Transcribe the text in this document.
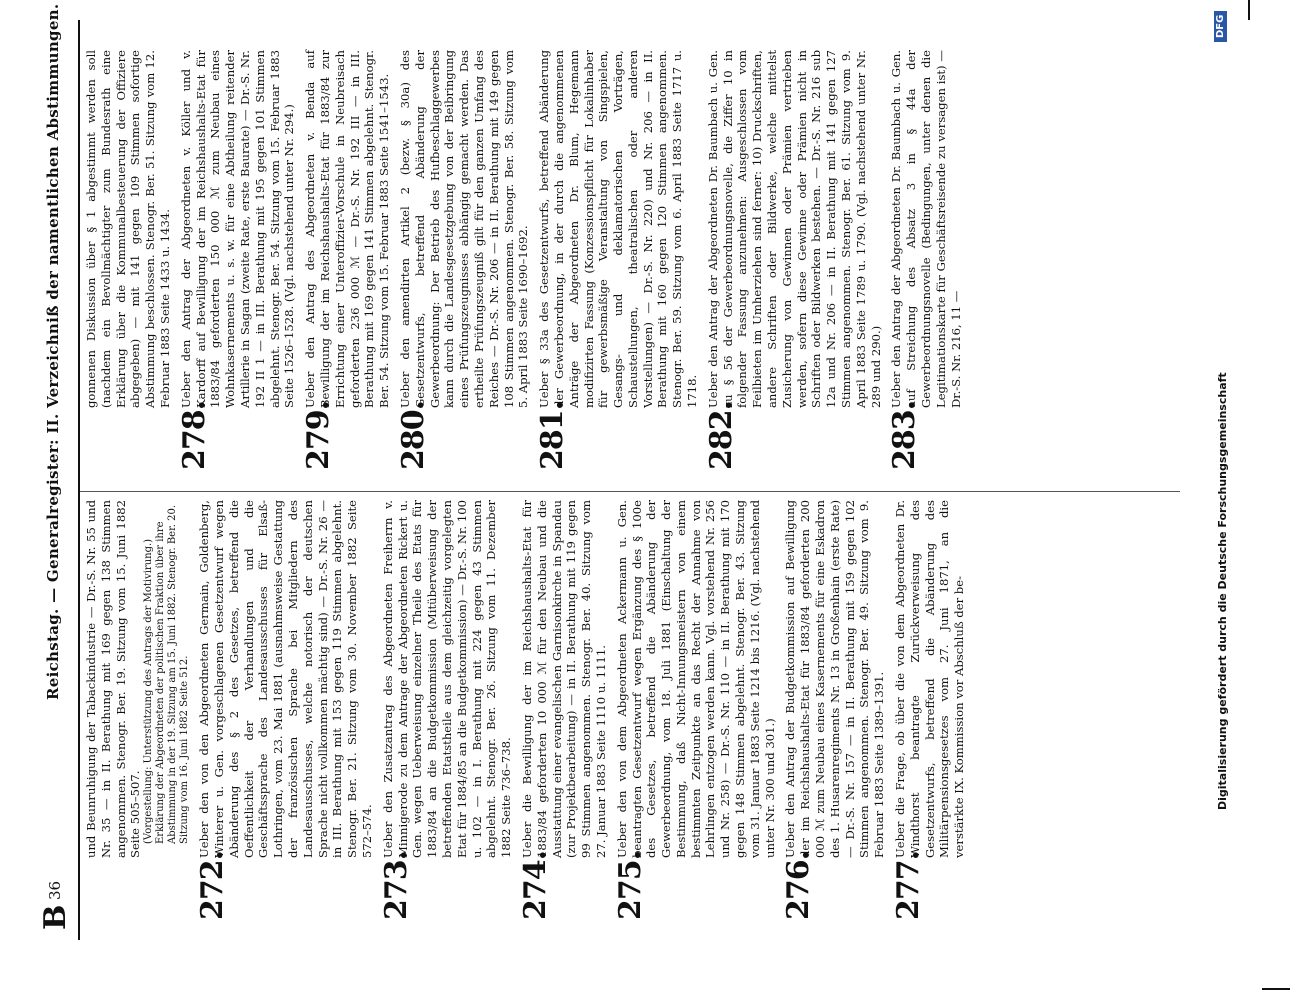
B
36
Reichstag. — Generalregister: II. Verzeichniß der namentlichen Abstimmungen. und Beunruhigung der Tabackindustrie — Dr.-S. Nr. 55 und Nr. 35 — in II. Berathung mit 169 gegen 138 Stimmen angenommen. Stenogr. Ber. 19. Sitzung vom 15. Juni 1882 Seite 505–507. (Vorgestellung: Unterstützung des Antrags der Motivirung.) Erklärung der Abgeordneten der politischen Fraktion über ihre Abstimmung in der 19. Sitzung am 15. Juni 1882. Stenogr. Ber. 20. Sitzung vom 16. Juni 1882 Seite 512.
272.
Ueber den von den Abgeordneten Germain, Goldenberg, Winterer u. Gen. vorgeschlagenen Gesetzentwurf wegen Abänderung des § 2 des Gesetzes, betreffend die Oeffentlichkeit der Verhandlungen und die Geschäftssprache des Landesausschusses für Elsaß-Lothringen, vom 23. Mai 1881 (ausnahmsweise Gestattung der französischen Sprache bei Mitgliedern des Landesausschusses, welche notorisch der deutschen Sprache nicht vollkommen mächtig sind) — Dr.-S. Nr. 26 — in III. Berathung mit 153 gegen 119 Stimmen abgelehnt. Stenogr. Ber. 21. Sitzung vom 30. November 1882 Seite 572–574.
273.
Ueber den Zusatzantrag des Abgeordneten Freiherrn v. Minnigerode zu dem Antrage der Abgeordneten Rickert u. Gen. wegen Ueberweisung einzelner Theile des Etats für 1883/84 an die Budgetkommission (Mitüberweisung der betreffenden Etatstheile aus dem gleichzeitig vorgelegten Etat für 1884/85 an die Budgetkommission) — Dr.-S. Nr. 100 u. 102 — in I. Berathung mit 224 gegen 43 Stimmen abgelehnt. Stenogr. Ber. 26. Sitzung vom 11. Dezember 1882 Seite 736–738.
274.
Ueber die Bewilligung der im Reichshaushalts-Etat für 1883/84 geforderten 10 000 ℳ für den Neubau und die Ausstattung einer evangelischen Garnisonkirche in Spandau (zur Projektbearbeitung) — in II. Berathung mit 119 gegen 99 Stimmen angenommen. Stenogr. Ber. 40. Sitzung vom 27. Januar 1883 Seite 1110 u. 1111.
275.
Ueber den von dem Abgeordneten Ackermann u. Gen. beantragten Gesetzentwurf wegen Ergänzung des § 100e des Gesetzes, betreffend die Abänderung der Gewerbeordnung, vom 18. Juli 1881 (Einschaltung der Bestimmung, daß Nicht-Innungsmeistern von einem bestimmten Zeitpunkte an das Recht der Annahme von Lehrlingen entzogen werden kann. Vgl. vorstehend Nr. 256 und Nr. 258) — Dr.-S. Nr. 110 — in II. Berathung mit 170 gegen 148 Stimmen abgelehnt. Stenogr. Ber. 43. Sitzung vom 31. Januar 1883 Seite 1214 bis 1216. (Vgl. nachstehend unter Nr. 300 und 301.)
276.
Ueber den Antrag der Budgetkommission auf Bewilligung der im Reichshaushalts-Etat für 1883/84 geforderten 200 000 ℳ zum Neubau eines Kasernements für eine Eskadron des 1. Husarenregiments Nr. 13 in Großenhain (erste Rate) — Dr.-S. Nr. 157 — in II. Berathung mit 159 gegen 102 Stimmen angenommen. Stenogr. Ber. 49. Sitzung vom 9. Februar 1883 Seite 1389–1391.
277.
Ueber die Frage, ob über die von dem Abgeordneten Dr. Windthorst beantragte Zurückverweisung des Gesetzentwurfs, betreffend die Abänderung des Militärpensionsgesetzes vom 27. Juni 1871, an die verstärkte IX. Kommission vor Abschluß der be-
gonnenen Diskussion über § 1 abgestimmt werden soll (nachdem ein Bevollmächtigter zum Bundesrath eine Erklärung über die Kommunalbesteuerung der Offiziere abgegeben) — mit 141 gegen 109 Stimmen sofortige Abstimmung beschlossen. Stenogr. Ber. 51. Sitzung vom 12. Februar 1883 Seite 1433 u. 1434.
278.
Ueber den Antrag der Abgeordneten v. Köller und v. Kardorff auf Bewilligung der im Reichshaushalts-Etat für 1883/84 geforderten 150 000 ℳ zum Neubau eines Wohnkasernements u. s. w. für eine Abtheilung reitender Artillerie in Sagan (zweite Rate, erste Baurate) — Dr.-S. Nr. 192 II 1 — in III. Berathung mit 195 gegen 101 Stimmen abgelehnt. Stenogr. Ber. 54. Sitzung vom 15. Februar 1883 Seite 1526–1528. (Vgl. nachstehend unter Nr. 294.)
279.
Ueber den Antrag des Abgeordneten v. Benda auf Bewilligung der im Reichshaushalts-Etat für 1883/84 zur Errichtung einer Unteroffizier-Vorschule in Neubreisach geforderten 236 000 ℳ — Dr.-S. Nr. 192 III — in III. Berathung mit 169 gegen 141 Stimmen abgelehnt. Stenogr. Ber. 54. Sitzung vom 15. Februar 1883 Seite 1541–1543.
280.
Ueber den amendirten Artikel 2 (bezw. § 30a) des Gesetzentwurfs, betreffend Abänderung der Gewerbeordnung: Der Betrieb des Hufbeschlaggewerbes kann durch die Landesgesetzgebung von der Beibringung eines Prüfungszeugnisses abhängig gemacht werden. Das ertheilte Prüfungszeugniß gilt für den ganzen Umfang des Reiches — Dr.-S. Nr. 206 — in II. Berathung mit 149 gegen 108 Stimmen angenommen. Stenogr. Ber. 58. Sitzung vom 5. April 1883 Seite 1690–1692.
281.
Ueber § 33a des Gesetzentwurfs, betreffend Abänderung der Gewerbeordnung, in der durch die angenommenen Anträge der Abgeordneten Dr. Blum, Hegemann modifizirten Fassung (Konzessionspflicht für Lokalinhaber für gewerbsmäßige Veranstaltung von Singspielen, Gesangs- und deklamatorischen Vorträgen, Schaustellungen, theatralischen oder anderen Vorstellungen) — Dr.-S. Nr. 220) und Nr. 206 — in II. Berathung mit 160 gegen 120 Stimmen angenommen. Stenogr. Ber. 59. Sitzung vom 6. April 1883 Seite 1717 u. 1718.
282.
Ueber den Antrag der Abgeordneten Dr. Baumbach u. Gen. zu § 56 der Gewerbeordnungsnovelle, die Ziffer 10 in folgender Fassung anzunehmen: Ausgeschlossen vom Feilbieten im Umherziehen sind ferner: 10) Druckschriften, andere Schriften oder Bildwerke, welche mittelst Zusicherung von Gewinnen oder Prämien vertrieben werden, sofern diese Gewinne oder Prämien nicht in Schriften oder Bildwerken bestehen. — Dr.-S. Nr. 216 sub 12a und Nr. 206 — in II. Berathung mit 141 gegen 127 Stimmen angenommen. Stenogr. Ber. 61. Sitzung vom 9. April 1883 Seite 1789 u. 1790. (Vgl. nachstehend unter Nr. 289 und 290.)
283.
Ueber den Antrag der Abgeordneten Dr. Baumbach u. Gen. auf Streichung des Absatz 3 in § 44a der Gewerbeordnungsnovelle (Bedingungen, unter denen die Legitimationskarte für Geschäftsreisende zu versagen ist) — Dr.-S. Nr. 216, 11 —
Digitalisierung gefördert durch die Deutsche Forschungsgemeinschaft
DFG
